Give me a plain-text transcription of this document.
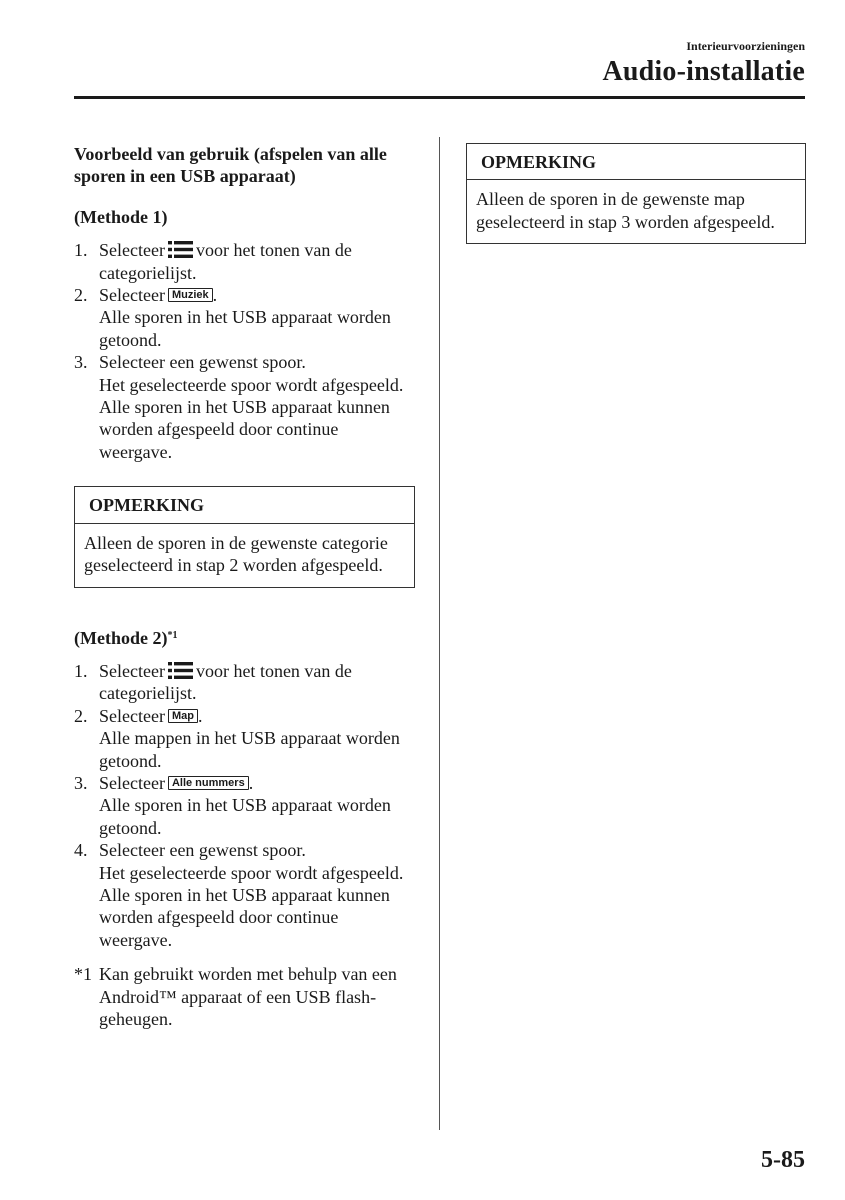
Interieurvoorzieningen
Audio-installatie
Voorbeeld van gebruik (afspelen van alle sporen in een USB apparaat)
(Methode 1)
1. Selecteer voor het tonen van de categorielijst.
2. Selecteer Muziek .
Alle sporen in het USB apparaat worden getoond.
3. Selecteer een gewenst spoor.
Het geselecteerde spoor wordt afgespeeld. Alle sporen in het USB apparaat kunnen worden afgespeeld door continue weergave.
OPMERKING
Alleen de sporen in de gewenste categorie geselecteerd in stap 2 worden afgespeeld.
(Methode 2)$^{*1}$
1. Selecteer voor het tonen van de categorielijst.
2. Selecteer Map .
Alle mappen in het USB apparaat worden getoond.
3. Selecteer Alle nummers .
Alle sporen in het USB apparaat worden getoond.
4. Selecteer een gewenst spoor.
Het geselecteerde spoor wordt afgespeeld. Alle sporen in het USB apparaat kunnen worden afgespeeld door continue weergave.
*1 Kan gebruikt worden met behulp van een Android™ apparaat of een USB flash-geheugen.
OPMERKING
Alleen de sporen in de gewenste map geselecteerd in stap 3 worden afgespeeld.
5-85
